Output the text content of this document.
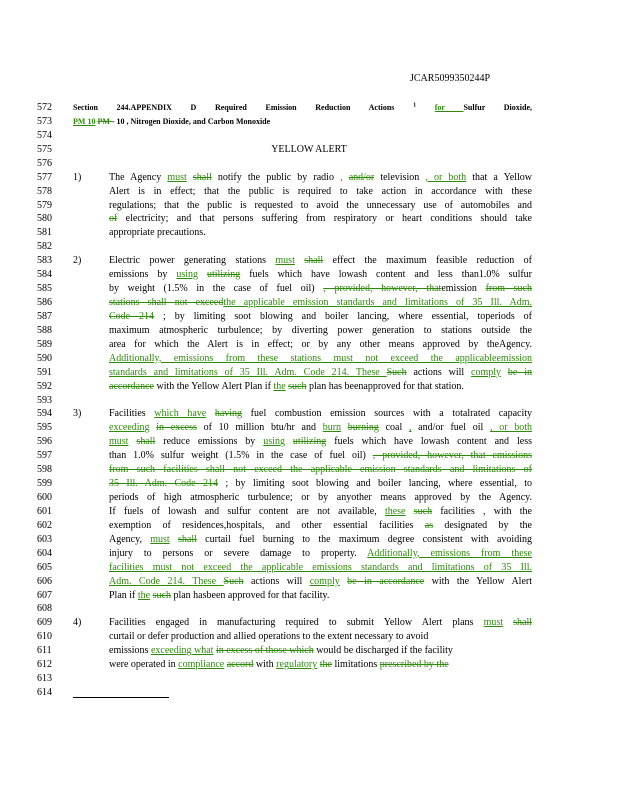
JCAR5099350244P
572	Section 244.APPENDIX D Required Emission Reduction Actions $^1$ for Sulfur Dioxide,
573	PM 10 PM - 10 , Nitrogen Dioxide, and Carbon Monoxide
574
575	YELLOW ALERT
576
577	1)	The Agency must shall notify the public by radio , and/or television , or both that a Yellow
578	Alert is in effect; that the public is required to take action in accordance with these
579	regulations; that the public is requested to avoid the unnecessary use of automobiles and
580	of electricity; and that persons suffering from respiratory or heart conditions should take
581	appropriate precautions.
582
583	2)	Electric power generating stations must shall effect the maximum feasible reduction of
584	emissions by using utilizing fuels which have lowash content and less than1.0% sulfur
585	by weight (1.5% in the case of fuel oil) , provided, however, thatemission from such
586	stations shall not exceedthe applicable emission standards and limitations of 35 Ill. Adm.
587	Code 214 ; by limiting soot blowing and boiler lancing, where essential, toperiods of
588	maximum atmospheric turbulence; by diverting power generation to stations outside the
589	area for which the Alert is in effect; or by any other means approved by theAgency.
590	Additionally, emissions from these stations must not exceed the applicableemission
591	standards and limitations of 35 Ill. Adm. Code 214. These Such actions will comply be in
592	accordance with the Yellow Alert Plan if the such plan has beenapproved for that station.
593
594	3)	Facilities which have having fuel combustion emission sources with a totalrated capacity
595	exceeding in excess of 10 million btu/hr and burn burning coal , and/or fuel oil , or both
596	must shall reduce emissions by using utilizing fuels which have lowash content and less
597	than 1.0% sulfur weight (1.5% in the case of fuel oil) , provided, however, that emissions
598	from such facilities shall not exceed the applicable emission standards and limitations of
599	35 Ill. Adm. Code 214 ; by limiting soot blowing and boiler lancing, where essential, to
600	periods of high atmospheric turbulence; or by anyother means approved by the Agency.
601	If fuels of lowash and sulfur content are not available, these such facilities , with the
602	exemption of residences,hospitals, and other essential facilities as designated by the
603	Agency, must shall curtail fuel burning to the maximum degree consistent with avoiding
604	injury to persons or severe damage to property. Additionally, emissions from these
605	facilities must not exceed the applicable emissions standards and limitations of 35 Ill.
606	Adm. Code 214. These Such actions will comply be in accordance with the Yellow Alert
607	Plan if the such plan hasbeen approved for that facility.
608
609	4)	Facilities engaged in manufacturing required to submit Yellow Alert plans must shall
610	curtail or defer production and allied operations to the extent necessary to avoid
611	emissions exceeding what in excess of those which would be discharged if the facility
612	were operated in compliance accord with regulatory the limitations prescribed by the
613
614
